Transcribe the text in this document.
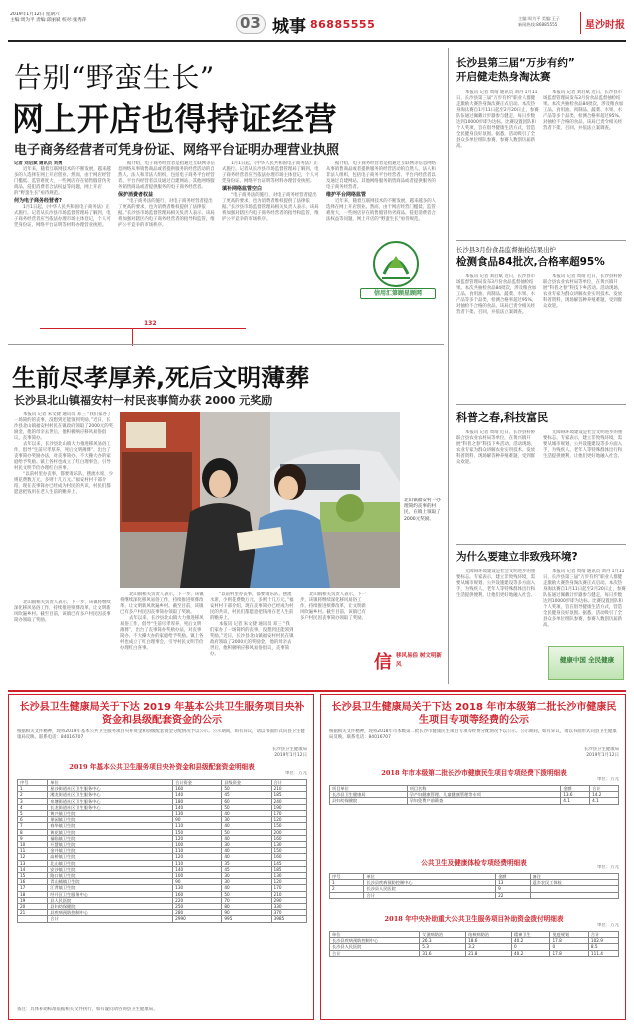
2019年1月12日 星期六
主编:周为平 责编:邱丽斌 校对:张秀萍	03 城事 86885555	主编:周为平 美编:王子
新闻热线:86885555	星沙时报
告别“野蛮生长”
网上开店也得持证经营
电子商务经营者可凭身份证、网络平台证明办理营业执照
记者 刘启斌 通讯员 刘勇

近年来，随着互联网技术的不断发展，越来越多的人选择在网上开店创业。然而，由于网店经营门槛低、监管难度大，一些网店存在销售假冒伪劣商品、侵犯消费者合法权益等问题，网上开店的“野蛮生长”亟待规范。

何为电子商务经营者?

1月1日起，《中华人民共和国电子商务法》正式施行。记者从长沙县市场监督管理局了解到，电子商务经营者应当依法办理市场主体登记，个人可凭身份证、网络平台证明等材料办理营业执照。

据介绍，电子商务经营者是指通过互联网等信息网络从事销售商品或者提供服务的经营活动的自然人、法人和非法人组织，包括电子商务平台经营者、平台内经营者以及通过自建网站、其他网络服务销售商品或者提供服务的电子商务经营者。

保护消费者权益

“电子商务法的施行，对电子商务经营者提出了更高的要求，也为消费者维权提供了法律依据。”长沙县市场监督管理局相关负责人表示，该局将加强对辖区内电子商务经营者的指导和监管，维护公平竞争的市场秩序。

1月1日起，《中华人民共和国电子商务法》正式施行。记者从长沙县市场监督管理局了解到，电子商务经营者应当依法办理市场主体登记，个人可凭身份证、网络平台证明等材料办理营业执照。

填补网络监管空白

“电子商务法的施行，对电子商务经营者提出了更高的要求，也为消费者维权提供了法律依据。”长沙县市场监督管理局相关负责人表示，该局将加强对辖区内电子商务经营者的指导和监管，维护公平竞争的市场秩序。

据介绍，电子商务经营者是指通过互联网等信息网络从事销售商品或者提供服务的经营活动的自然人、法人和非法人组织，包括电子商务平台经营者、平台内经营者以及通过自建网站、其他网络服务销售商品或者提供服务的电子商务经营者。

维护平台网络监管

近年来，随着互联网技术的不断发展，越来越多的人选择在网上开店创业。然而，由于网店经营门槛低、监管难度大，一些网店存在销售假冒伪劣商品、侵犯消费者合法权益等问题，网上开店的“野蛮生长”亟待规范。

信用汇第顾星顾网
132
生前尽孝厚养,死后文明薄葬
长沙县北山镇福安村一村民丧事简办获 2000 元奖励

本报讯 记者 朱文捷 通讯员 邓三 “我们家办了一场简约的丧事，没想到还能领到奖励。”近日，长沙县北山镇福安村村民在镇政府领取了2000元的奖励金，他的母亲去世后，他积极响应移风易俗倡议，丧事简办。

去年以来，长沙县北山镇大力推进移风易俗工作，倡导“生前尽孝厚养，死后文明薄葬”，出台了丧事简办奖励办法，对丧事简办、不大操大办的家庭给予奖励。镇上各村也成立了红白理事会，引导村民文明节俭办理红白喜事。

“以前村里办丧事，都要请乐队、摆流水席，少则花费数万元，多则十几万元。”福安村村干部介绍，现在丧事简办已经成为村民的共识，村民们都愿意把钱用在老人生前的赡养上。

北山镇福安村一办理简约丧事的村民，在镇上领取了2000元奖励。

北山镇相关负责人表示，下一步，该镇将继续深化移风易俗工作，持续推进殡葬改革，让文明新风吹遍乡村。截至目前，该镇已有多户村民因丧事简办领取了奖励。

去年以来，长沙县北山镇大力推进移风易俗工作，倡导“生前尽孝厚养，死后文明薄葬”，出台了丧事简办奖励办法，对丧事简办、不大操大办的家庭给予奖励。镇上各村也成立了红白理事会，引导村民文明节俭办理红白喜事。

“以前村里办丧事，都要请乐队、摆流水席，少则花费数万元，多则十几万元。”福安村村干部介绍，现在丧事简办已经成为村民的共识，村民们都愿意把钱用在老人生前的赡养上。

本报讯 记者 朱文捷 通讯员 邓三 “我们家办了一场简约的丧事，没想到还能领到奖励。”近日，长沙县北山镇福安村村民在镇政府领取了2000元的奖励金，他的母亲去世后，他积极响应移风易俗倡议，丧事简办。

北山镇相关负责人表示，下一步，该镇将继续深化移风易俗工作，持续推进殡葬改革，让文明新风吹遍乡村。截至目前，该镇已有多户村民因丧事简办领取了奖励。

北山镇相关负责人表示，下一步，该镇将继续深化移风易俗工作，持续推进殡葬改革，让文明新风吹遍乡村。截至目前，该镇已有多户村民因丧事简办领取了奖励。

信 移风易俗 树文明新风
长沙县第三届“万步有约”
开启健走热身淘汰赛

本报讯 记者 周靖 通讯员 刘丹 1月11日，长沙县第三届“万步有约”职业人群健走激励大赛热身淘汰赛正式启动。本次热身淘汰赛自1月11日起至2月20日止，参赛队伍通过佩戴计步器参与健走，每日步数达到10000步即为达标。比赛设置团队和个人奖项，旨在倡导健康生活方式，营造全民健身良好氛围。据悉，活动吸引了全县众多单位组队参赛，参赛人数创历届新高。

本报讯 记者 刘启斌 近日，长沙县市场监督管理局发布3月份食品监督抽检结果。本次共抽检食品84批次，涉及粮食加工品、食用油、肉制品、蔬菜、水果、水产品等多个品类，检测合格率超过95%。对抽检不合格的食品，该局已责令相关经营者下架、召回，并依法立案调查。

长沙县3月份食品监督抽检结果出炉
检测食品84批次,合格率超95%

本报讯 记者 刘启斌 近日，长沙县市场监督管理局发布3月份食品监督抽检结果。本次共抽检食品84批次，涉及粮食加工品、食用油、肉制品、蔬菜、水果、水产品等多个品类，检测合格率超过95%。对抽检不合格的食品，该局已责令相关经营者下架、召回，并依法立案调查。

本报讯 记者 周靖 近日，长沙县科协联合县农业农村局等单位，在黄兴镇开展“科普之春”科技下乡活动。活动现场，农业专家为群众讲解农业实用技术、发放科普资料，现场解答种养殖难题，受到群众欢迎。

科普之春,科技富民

本报讯 记者 周靖 近日，长沙县科协联合县农业农村局等单位，在黄兴镇开展“科普之春”科技下乡活动。活动现场，农业专家为群众讲解农业实用技术、发放科普资料，现场解答种养殖难题，受到群众欢迎。

无障碍环境建设是社会文明进步的重要标志。专家表示，建立非致残环境，需要从城市规划、公共设施建设等多方面入手，为残疾人、老年人等特殊群体出行和生活提供便利，让他们更好地融入社会。

为什么要建立非致残环境?

无障碍环境建设是社会文明进步的重要标志。专家表示，建立非致残环境，需要从城市规划、公共设施建设等多方面入手，为残疾人、老年人等特殊群体出行和生活提供便利，让他们更好地融入社会。

本报讯 记者 周靖 通讯员 刘丹 1月11日，长沙县第三届“万步有约”职业人群健走激励大赛热身淘汰赛正式启动。本次热身淘汰赛自1月11日起至2月20日止，参赛队伍通过佩戴计步器参与健走，每日步数达到10000步即为达标。比赛设置团队和个人奖项，旨在倡导健康生活方式，营造全民健身良好氛围。据悉，活动吸引了全县众多单位组队参赛，参赛人数创历届新高。

健康中国 全民健康
长沙县卫生健康局关于下达 2019 年基本公共卫生服务项目央补资金和县级配套资金的公示
根据相关文件精神，现将2019年基本公共卫生服务项目央补资金和县级配套资金分配情况予以公示。公示期间，如有异议，请以书面形式向县卫生健康局反映。联系电话：84016707
长沙县卫生健康局
2019年1月12日
2019 年基本公共卫生服务项目央补资金和县级配套资金明细表
单位：万元
序号	单位	合计资金	县级资金	合计
1	星沙街道社区卫生服务中心	160	50	210
2	湘龙街道社区卫生服务中心	140	45	185
3	泉塘街道社区卫生服务中心	180	60	240
4	长龙街道社区卫生服务中心	140	50	190
5	黄兴镇卫生院	130	40	170
6	果园镇卫生院	90	30	120
7	春华镇卫生院	110	40	150
8	黄花镇卫生院	150	50	200
9	福临镇卫生院	120	40	160
10	开慧镇卫生院	100	30	130
11	金井镇卫生院	110	40	150
12	高桥镇卫生院	120	40	160
13	北山镇卫生院	110	35	145
14	安沙镇卫生院	140	45	185
15	路口镇卫生院	100	30	130
16	青山铺镇卫生院	90	30	120
17	江背镇卫生院	130	40	170
18	经开区卫生服务中心	160	50	210
19	县人民医院	220	70	290
20	县妇幼保健院	250	80	330
21	县疾病预防控制中心	280	90	370
	合计	2990	995	3985
备注：具体补助标准依据相关文件执行，如有疑问请咨询县卫生健康局。
长沙县卫生健康局关于下达 2018 年市本级第二批长沙市健康民生项目专项等经费的公示
根据相关文件精神，现将2018年市本级第二批长沙市健康民生项目专项等经费分配情况予以公示。公示期间，如有异议，请以书面形式向县卫生健康局反映。联系电话：84016707
长沙县卫生健康局
2019年1月12日
2018 年市本级第二批长沙市健康民生项目专项经费下拨明细表
单位：万元
项目单位	项目名称	金额	合计
长沙县卫生健康局	孕产妇健康管理、儿童健康管理等专项	13.6	14.2
县妇幼保健院	孕妇免费产前筛查	4.1	4.1
公共卫生及健康体检专项经费明细表
单位：万元
序号	单位	金额	备注
1	长沙县疾病预防控制中心	13	返乡农民工体检
2	长沙县人民医院	9	
	合计	22	
2018 年中央补助重大公共卫生服务项目补助资金拨付明细表
单位：万元
单位	艾滋病防治	结核病防治	精神卫生	免疫规划	合计
长沙县疾病预防控制中心	26.3	18.6	40.2	17.8	102.9
长沙县人民医院	5.3	3.2	0	0	8.5
合计	31.6	21.8	40.2	17.8	111.4
